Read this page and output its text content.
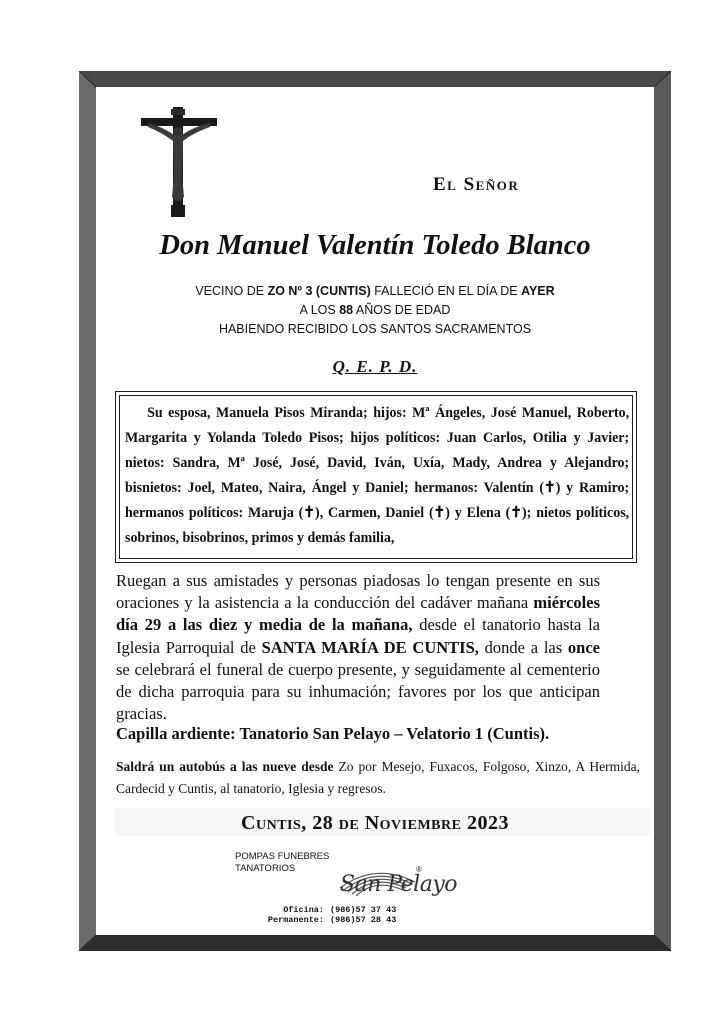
El Señor
Don Manuel Valentín Toledo Blanco
VECINO DE ZO Nº 3 (CUNTIS) FALLECIÓ EN EL DÍA DE AYER
A LOS 88 AÑOS DE EDAD
HABIENDO RECIBIDO LOS SANTOS SACRAMENTOS
Q. E. P. D.
Su esposa, Manuela Pisos Miranda; hijos: Mª Ángeles, José Manuel, Roberto, Margarita y Yolanda Toledo Pisos; hijos políticos: Juan Carlos, Otilia y Javier; nietos: Sandra, Mª José, José, David, Iván, Uxía, Mady, Andrea y Alejandro; bisnietos: Joel, Mateo, Naira, Ángel y Daniel; hermanos: Valentín (✝) y Ramiro; hermanos políticos: Maruja (✝), Carmen, Daniel (✝) y Elena (✝); nietos políticos, sobrinos, bisobrinos, primos y demás familia,
Ruegan a sus amistades y personas piadosas lo tengan presente en sus oraciones y la asistencia a la conducción del cadáver mañana miércoles día 29 a las diez y media de la mañana, desde el tanatorio hasta la Iglesia Parroquial de SANTA MARÍA DE CUNTIS, donde a las once se celebrará el funeral de cuerpo presente, y seguidamente al cementerio de dicha parroquia para su inhumación; favores por los que anticipan gracias.
Capilla ardiente: Tanatorio San Pelayo – Velatorio 1 (Cuntis).
Saldrá un autobús a las nueve desde Zo por Mesejo, Fuxacos, Folgoso, Xinzo, A Hermida, Cardecid y Cuntis, al tanatorio, Iglesia y regresos.
Cuntis, 28 de Noviembre 2023
POMPAS FUNEBRES
TANATORIOS
San Pelayo
®
Oficina: (986)57 37 43
Permanente: (986)57 28 43
